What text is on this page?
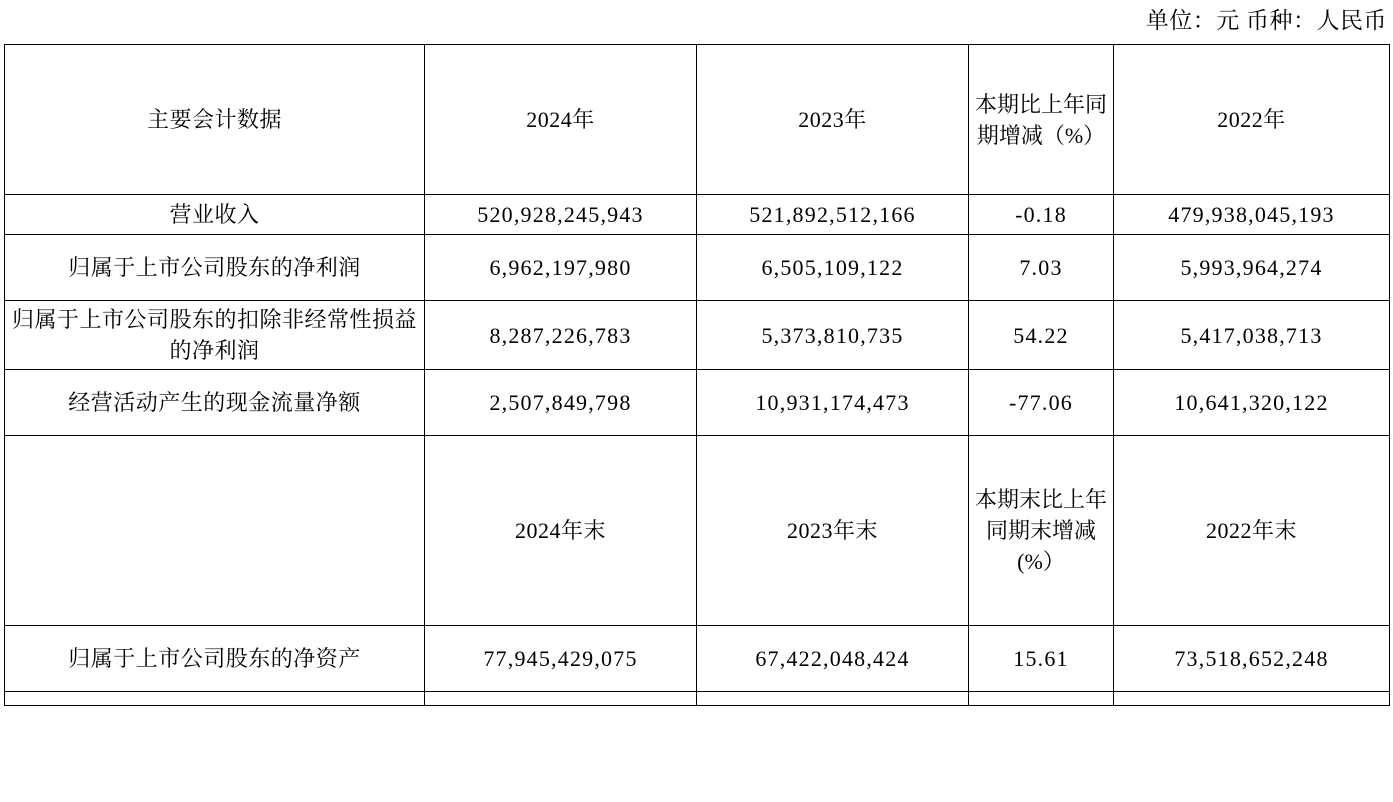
单位：元 币种：人民币
主要会计数据	2024年	2023年	本期比上年同期增减（%）	2022年
营业收入	520,928,245,943	521,892,512,166	-0.18	479,938,045,193
归属于上市公司股东的净利润	6,962,197,980	6,505,109,122	7.03	5,993,964,274
归属于上市公司股东的扣除非经常性损益的净利润	8,287,226,783	5,373,810,735	54.22	5,417,038,713
经营活动产生的现金流量净额	2,507,849,798	10,931,174,473	-77.06	10,641,320,122
	2024年末	2023年末	本期末比上年同期末增减(%）	2022年末
归属于上市公司股东的净资产	77,945,429,075	67,422,048,424	15.61	73,518,652,248
